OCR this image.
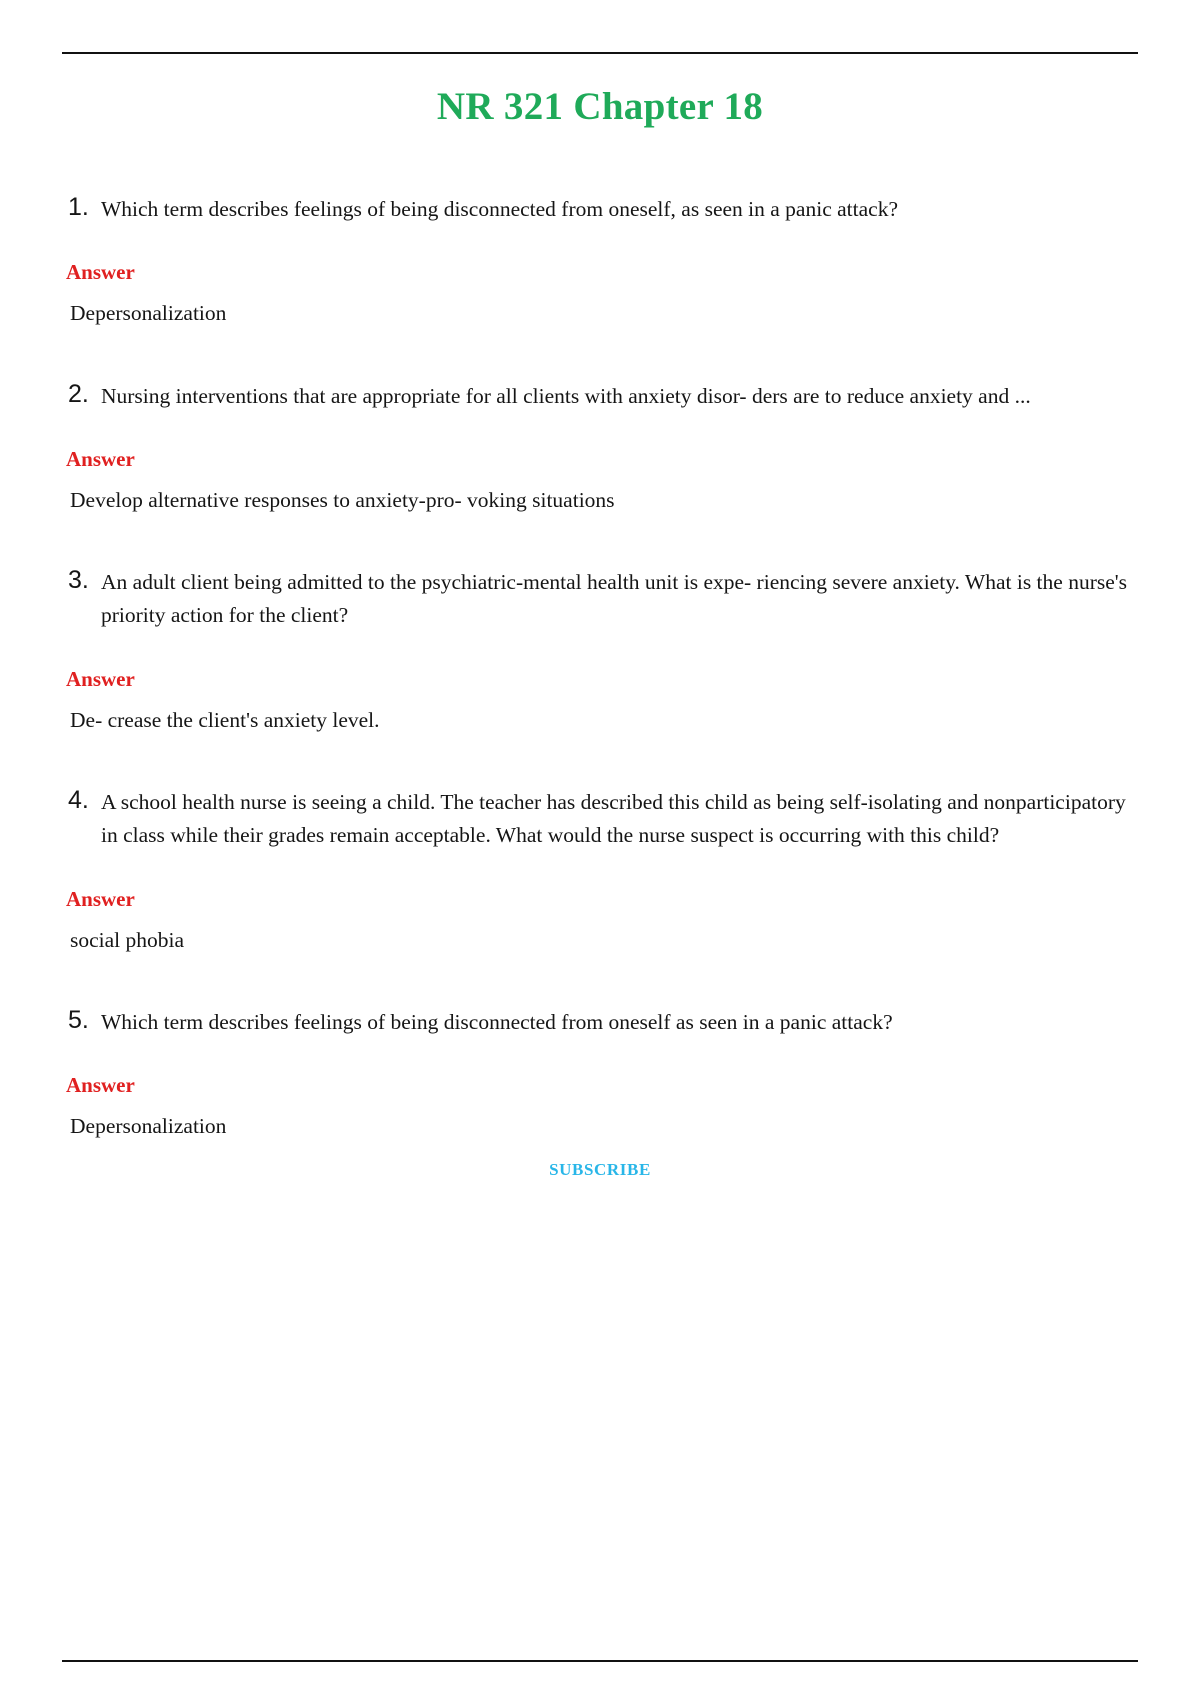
NR 321 Chapter 18
1. Which term describes feelings of being disconnected from oneself, as seen in a panic attack?
Answer
Depersonalization
2. Nursing interventions that are appropriate for all clients with anxiety disor- ders are to reduce anxiety and ...
Answer
Develop alternative responses to anxiety-pro- voking situations
3. An adult client being admitted to the psychiatric-mental health unit is expe- riencing severe anxiety. What is the nurse's priority action for the client?
Answer
De- crease the client's anxiety level.
4. A school health nurse is seeing a child. The teacher has described this child as being self-isolating and nonparticipatory in class while their grades remain acceptable. What would the nurse suspect is occurring with this child?
Answer
social phobia
5. Which term describes feelings of being disconnected from oneself as seen in a panic attack?
Answer
Depersonalization
SUBSCRIBE
